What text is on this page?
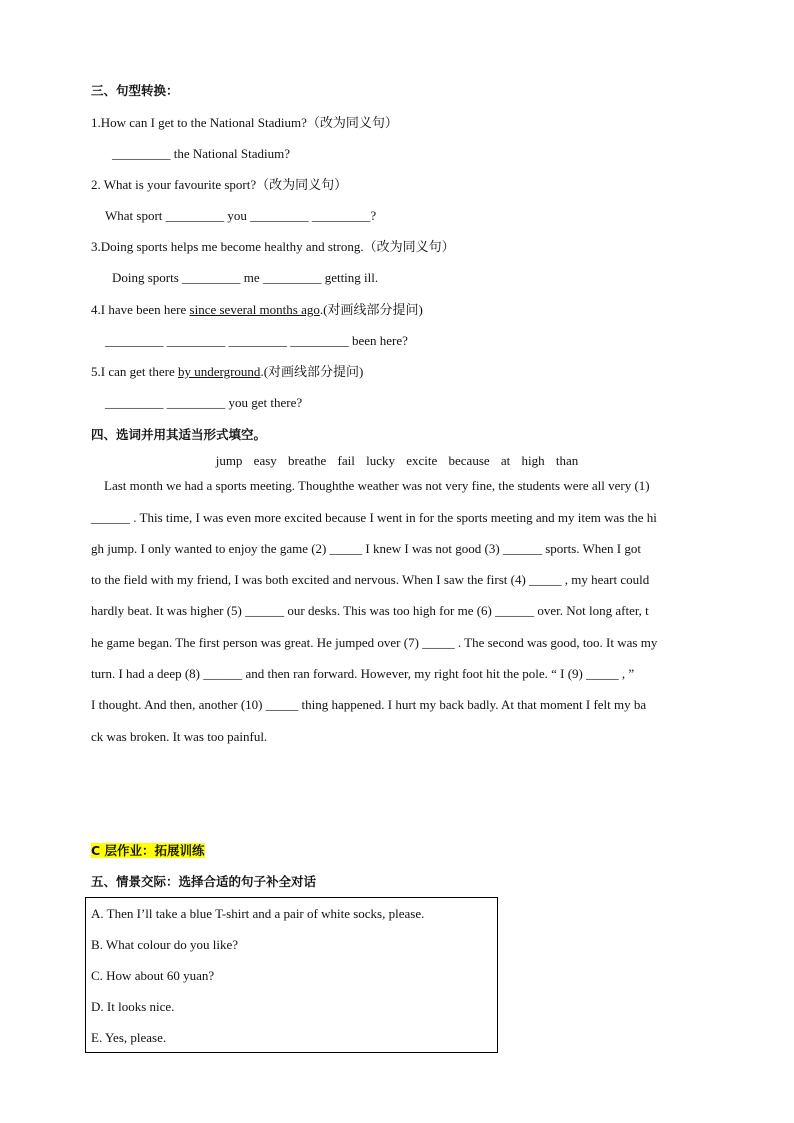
三、句型转换：
1.How can I get to the National Stadium?（改为同义句）
_________ the National Stadium?
2. What is your favourite sport?（改为同义句）
What sport _________ you _________ _________?
3.Doing sports helps me become healthy and strong.（改为同义句）
Doing sports _________ me _________ getting ill.
4.I have been here since several months ago.(对画线部分提问)
_________ _________ _________ _________ been here?
5.I can get there by underground.(对画线部分提问)
_________ _________ you get there?
四、选词并用其适当形式填空。
jump easy breathe fail lucky excite because at high than
Last month we had a sports meeting. Thoughthe weather was not very fine, the students were all very (1)
______ . This time, I was even more excited because I went in for the sports meeting and my item was the hi
gh jump. I only wanted to enjoy the game (2) _____ I knew I was not good (3) ______ sports. When I got
to the field with my friend, I was both excited and nervous. When I saw the first (4) _____ , my heart could
hardly beat. It was higher (5) ______ our desks. This was too high for me (6) ______ over. Not long after, t
he game began. The first person was great. He jumped over (7) _____ . The second was good, too. It was my
turn. I had a deep (8) ______ and then ran forward. However, my right foot hit the pole. “ I (9) _____ , ”
I thought. And then, another (10) _____ thing happened. I hurt my back badly. At that moment I felt my ba
ck was broken. It was too painful.
C 层作业：拓展训练
五、情景交际：选择合适的句子补全对话
A. Then I’ll take a blue T-shirt and a pair of white socks, please.
B. What colour do you like?
C. How about 60 yuan?
D. It looks nice.
E. Yes, please.
